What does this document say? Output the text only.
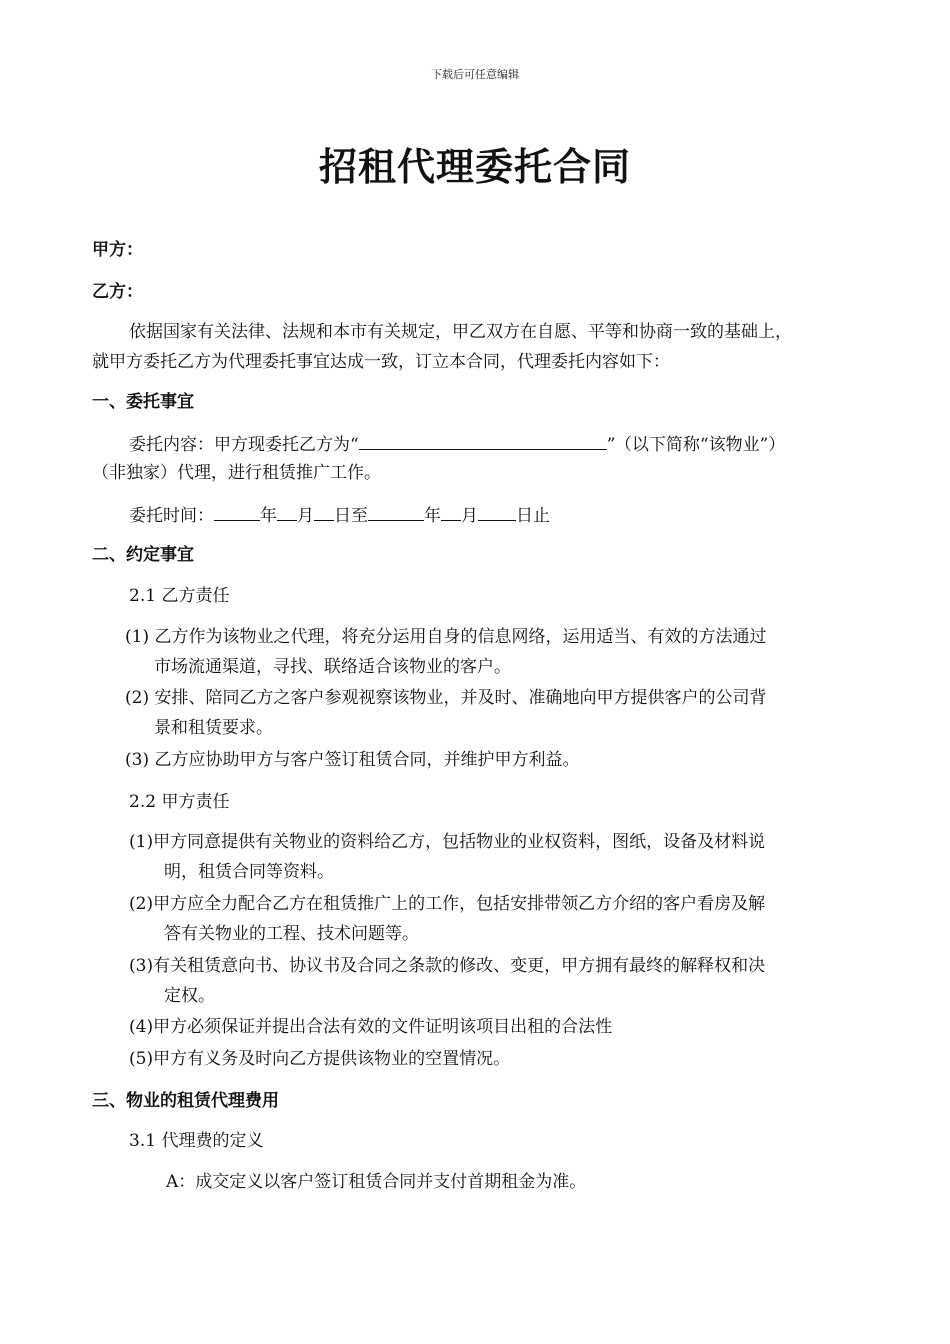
下载后可任意编辑
招租代理委托合同
甲方：
乙方：
依据国家有关法律、法规和本市有关规定，甲乙双方在自愿、平等和协商一致的基础上，
就甲方委托乙方为代理委托事宜达成一致，订立本合同，代理委托内容如下：
一、委托事宜
委托内容：甲方现委托乙方为“	” （以下简称“该物业”）
（非独家）代理，进行租赁推广工作。
委托时间：	年 月 日至	年 月 日止
二、约定事宜
2.1 乙方责任
(1) 乙方作为该物业之代理，将充分运用自身的信息网络，运用适当、有效的方法通过
市场流通渠道，寻找、联络适合该物业的客户。
(2) 安排、陪同乙方之客户参观视察该物业，并及时、准确地向甲方提供客户的公司背
景和租赁要求。
(3) 乙方应协助甲方与客户签订租赁合同，并维护甲方利益。
2.2 甲方责任
(1)甲方同意提供有关物业的资料给乙方，包括物业的业权资料，图纸，设备及材料说
明，租赁合同等资料。
(2)甲方应全力配合乙方在租赁推广上的工作，包括安排带领乙方介绍的客户看房及解
答有关物业的工程、技术问题等。
(3)有关租赁意向书、协议书及合同之条款的修改、变更，甲方拥有最终的解释权和决
定权。
(4)甲方必须保证并提出合法有效的文件证明该项目出租的合法性
(5)甲方有义务及时向乙方提供该物业的空置情况。
三、物业的租赁代理费用
3.1 代理费的定义
A：成交定义以客户签订租赁合同并支付首期租金为准。
